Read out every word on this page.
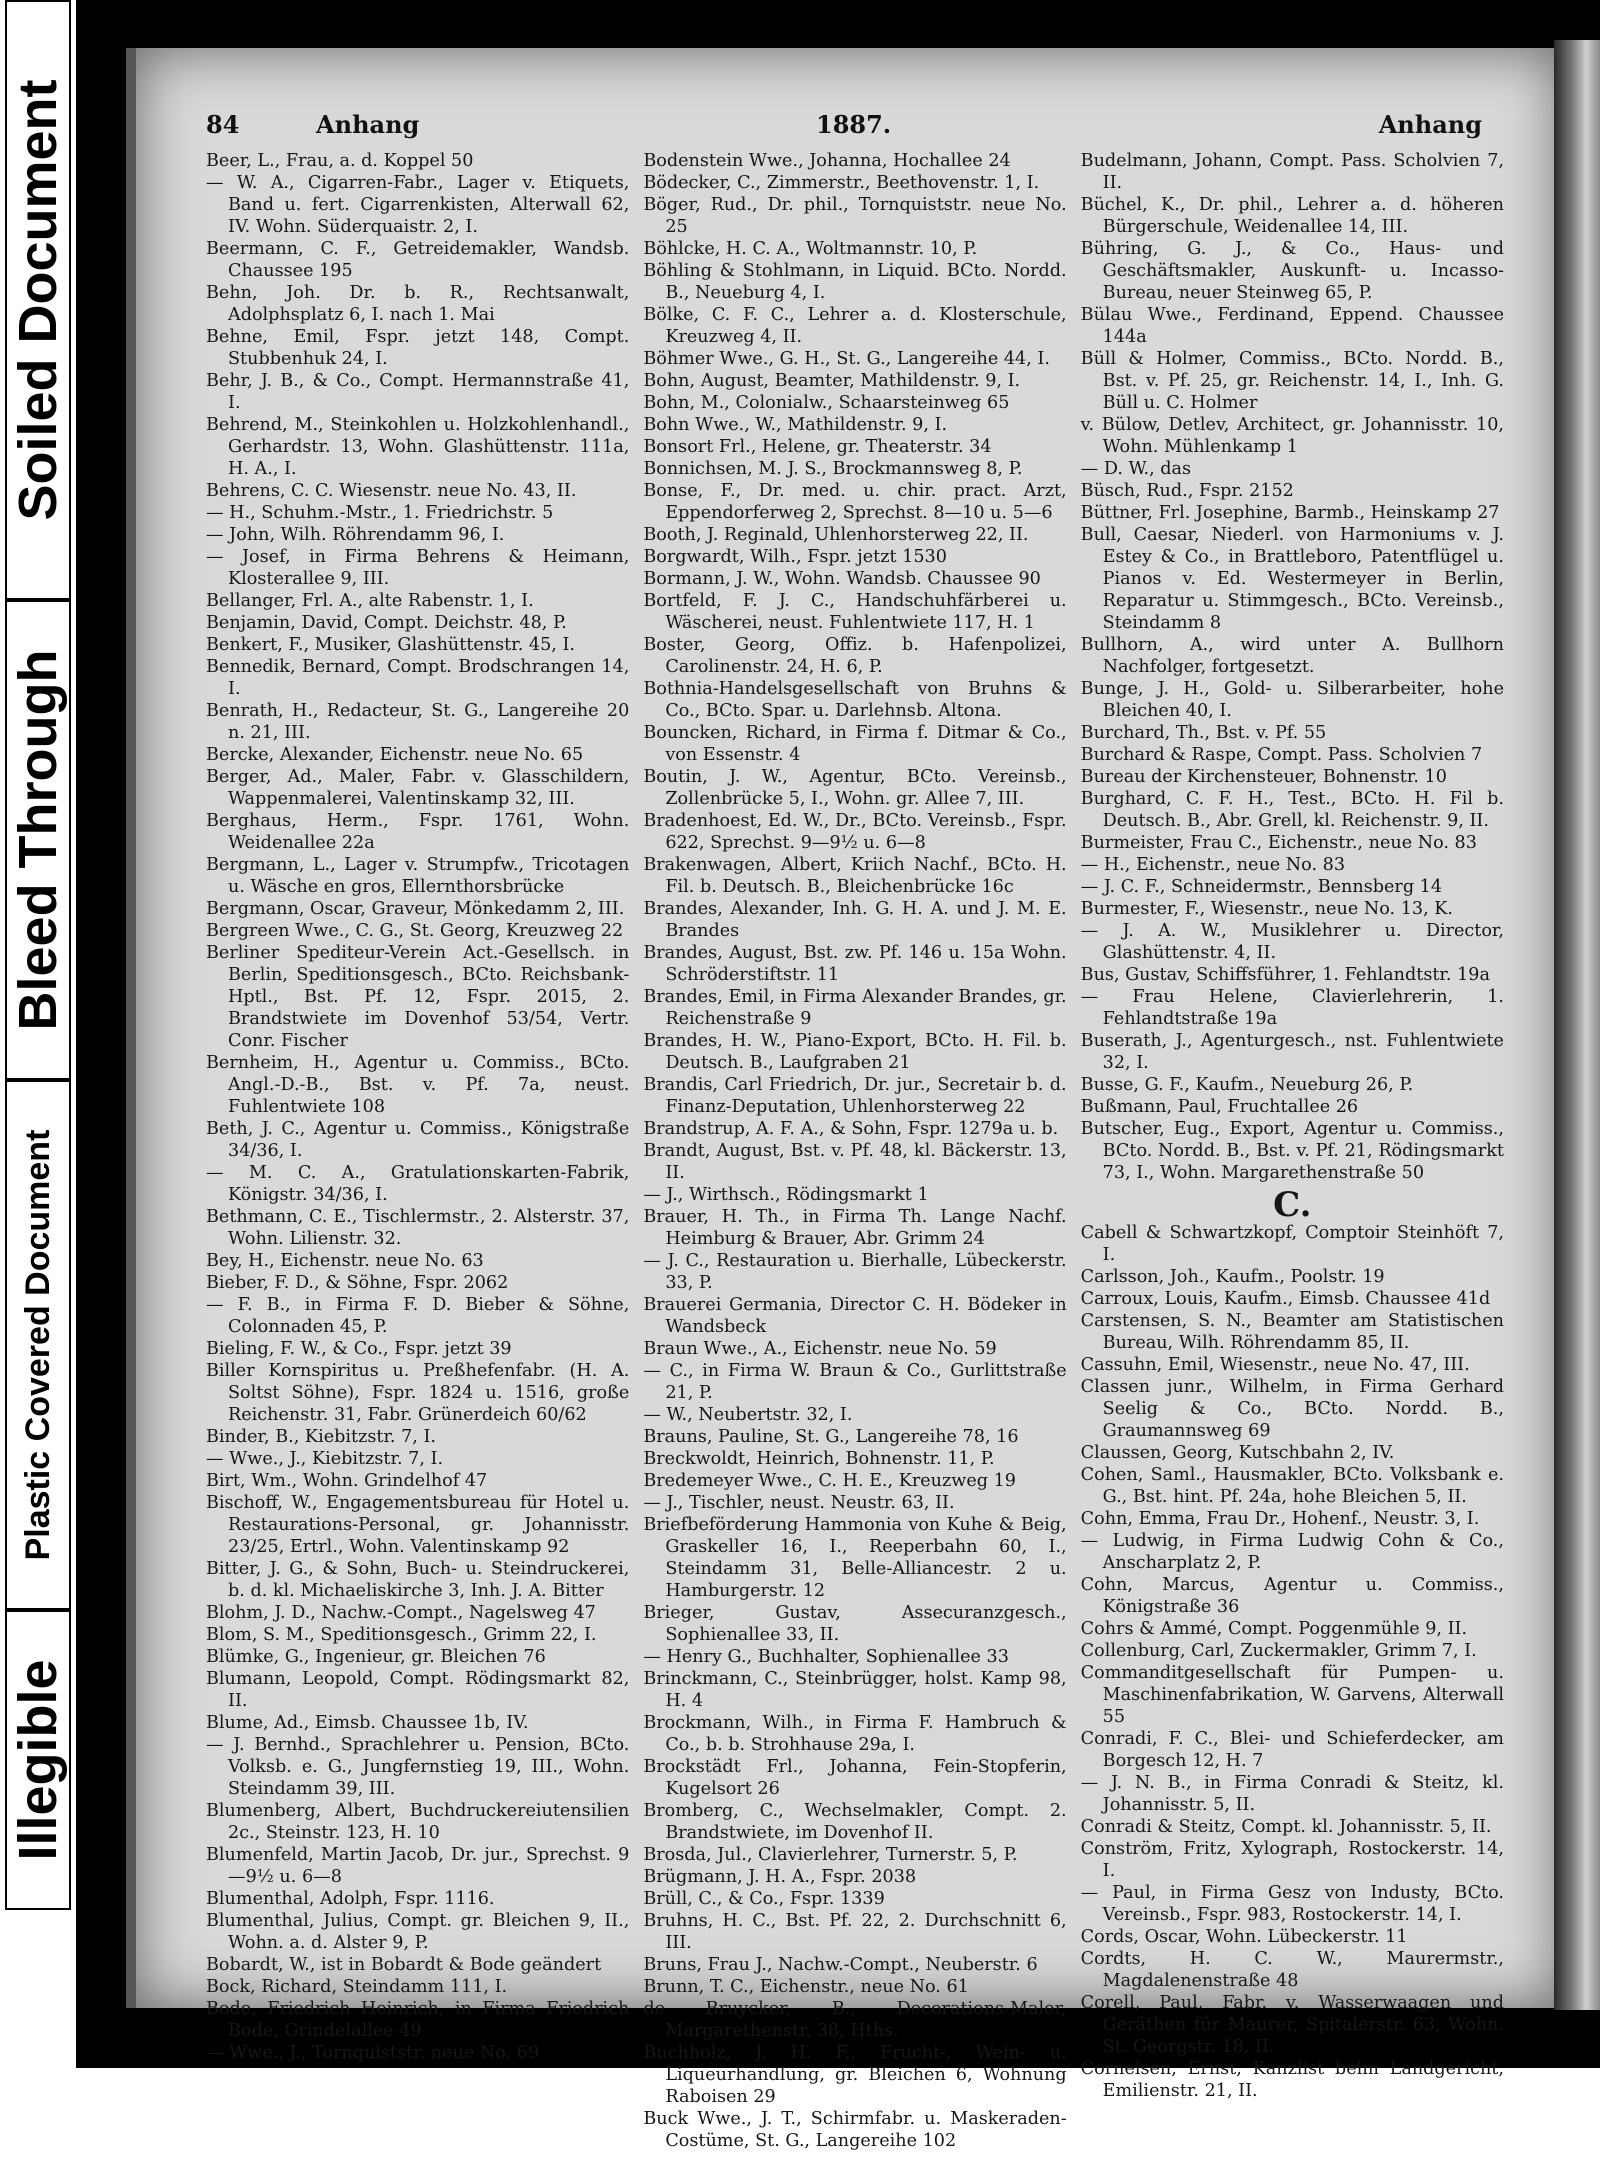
Illegible
Plastic Covered Document
Bleed Through
Soiled Document	84	Anhang	1887.	Anhang

Beer, L., Frau, a. d. Koppel 50

— W. A., Cigarren-Fabr., Lager v. Etiquets, Band u. fert. Cigarrenkisten, Alterwall 62, IV. Wohn. Süderquaistr. 2, I.

Beermann, C. F., Getreidemakler, Wandsb. Chaussee 195

Behn, Joh. Dr. b. R., Rechtsanwalt, Adolphsplatz 6, I. nach 1. Mai

Behne, Emil, Fspr. jetzt 148, Compt. Stubbenhuk 24, I.

Behr, J. B., & Co., Compt. Hermannstraße 41, I.

Behrend, M., Steinkohlen u. Holzkohlenhandl., Gerhardstr. 13, Wohn. Glashüttenstr. 111a, H. A., I.

Behrens, C. C. Wiesenstr. neue No. 43, II.

— H., Schuhm.-Mstr., 1. Friedrichstr. 5

— John, Wilh. Röhrendamm 96, I.

— Josef, in Firma Behrens & Heimann, Klosterallee 9, III.

Bellanger, Frl. A., alte Rabenstr. 1, I.

Benjamin, David, Compt. Deichstr. 48, P.

Benkert, F., Musiker, Glashüttenstr. 45, I.

Bennedik, Bernard, Compt. Brodschrangen 14, I.

Benrath, H., Redacteur, St. G., Langereihe 20 n. 21, III.

Bercke, Alexander, Eichenstr. neue No. 65

Berger, Ad., Maler, Fabr. v. Glasschildern, Wappenmalerei, Valentinskamp 32, III.

Berghaus, Herm., Fspr. 1761, Wohn. Weidenallee 22a

Bergmann, L., Lager v. Strumpfw., Tricotagen u. Wäsche en gros, Ellernthorsbrücke

Bergmann, Oscar, Graveur, Mönkedamm 2, III.

Bergreen Wwe., C. G., St. Georg, Kreuzweg 22

Berliner Spediteur-Verein Act.-Gesellsch. in Berlin, Speditionsgesch., BCto. Reichsbank-Hptl., Bst. Pf. 12, Fspr. 2015, 2. Brandstwiete im Dovenhof 53/54, Vertr. Conr. Fischer

Bernheim, H., Agentur u. Commiss., BCto. Angl.-D.-B., Bst. v. Pf. 7a, neust. Fuhlentwiete 108

Beth, J. C., Agentur u. Commiss., Königstraße 34/36, I.

— M. C. A., Gratulationskarten-Fabrik, Königstr. 34/36, I.

Bethmann, C. E., Tischlermstr., 2. Alsterstr. 37, Wohn. Lilienstr. 32.

Bey, H., Eichenstr. neue No. 63

Bieber, F. D., & Söhne, Fspr. 2062

— F. B., in Firma F. D. Bieber & Söhne, Colonnaden 45, P.

Bieling, F. W., & Co., Fspr. jetzt 39

Biller Kornspiritus u. Preßhefenfabr. (H. A. Soltst Söhne), Fspr. 1824 u. 1516, große Reichenstr. 31, Fabr. Grünerdeich 60/62

Binder, B., Kiebitzstr. 7, I.

— Wwe., J., Kiebitzstr. 7, I.

Birt, Wm., Wohn. Grindelhof 47

Bischoff, W., Engagementsbureau für Hotel u. Restaurations-Personal, gr. Johannisstr. 23/25, Ertrl., Wohn. Valentinskamp 92

Bitter, J. G., & Sohn, Buch- u. Steindruckerei, b. d. kl. Michaeliskirche 3, Inh. J. A. Bitter

Blohm, J. D., Nachw.-Compt., Nagelsweg 47

Blom, S. M., Speditionsgesch., Grimm 22, I.

Blümke, G., Ingenieur, gr. Bleichen 76

Blumann, Leopold, Compt. Rödingsmarkt 82, II.

Blume, Ad., Eimsb. Chaussee 1b, IV.

— J. Bernhd., Sprachlehrer u. Pension, BCto. Volksb. e. G., Jungfernstieg 19, III., Wohn. Steindamm 39, III.

Blumenberg, Albert, Buchdruckereiutensilien 2c., Steinstr. 123, H. 10

Blumenfeld, Martin Jacob, Dr. jur., Sprechst. 9—9½ u. 6—8

Blumenthal, Adolph, Fspr. 1116.

Blumenthal, Julius, Compt. gr. Bleichen 9, II., Wohn. a. d. Alster 9, P.

Bobardt, W., ist in Bobardt & Bode geändert

Bock, Richard, Steindamm 111, I.

Bode, Friedrich Heinrich, in Firma Friedrich Bode, Grindelallee 49

— Wwe., J., Tornquiststr. neue No. 69

Bodenstein Wwe., Johanna, Hochallee 24

Bödecker, C., Zimmerstr., Beethovenstr. 1, I.

Böger, Rud., Dr. phil., Tornquiststr. neue No. 25

Böhlcke, H. C. A., Woltmannstr. 10, P.

Böhling & Stohlmann, in Liquid. BCto. Nordd. B., Neueburg 4, I.

Bölke, C. F. C., Lehrer a. d. Klosterschule, Kreuzweg 4, II.

Böhmer Wwe., G. H., St. G., Langereihe 44, I.

Bohn, August, Beamter, Mathildenstr. 9, I.

Bohn, M., Colonialw., Schaarsteinweg 65

Bohn Wwe., W., Mathildenstr. 9, I.

Bonsort Frl., Helene, gr. Theaterstr. 34

Bonnichsen, M. J. S., Brockmannsweg 8, P.

Bonse, F., Dr. med. u. chir. pract. Arzt, Eppendorferweg 2, Sprechst. 8—10 u. 5—6

Booth, J. Reginald, Uhlenhorsterweg 22, II.

Borgwardt, Wilh., Fspr. jetzt 1530

Bormann, J. W., Wohn. Wandsb. Chaussee 90

Bortfeld, F. J. C., Handschuhfärberei u. Wäscherei, neust. Fuhlentwiete 117, H. 1

Boster, Georg, Offiz. b. Hafenpolizei, Carolinenstr. 24, H. 6, P.

Bothnia-Handelsgesellschaft von Bruhns & Co., BCto. Spar. u. Darlehnsb. Altona.

Bouncken, Richard, in Firma f. Ditmar & Co., von Essenstr. 4

Boutin, J. W., Agentur, BCto. Vereinsb., Zollenbrücke 5, I., Wohn. gr. Allee 7, III.

Bradenhoest, Ed. W., Dr., BCto. Vereinsb., Fspr. 622, Sprechst. 9—9½ u. 6—8

Brakenwagen, Albert, Kriich Nachf., BCto. H. Fil. b. Deutsch. B., Bleichenbrücke 16c

Brandes, Alexander, Inh. G. H. A. und J. M. E. Brandes

Brandes, August, Bst. zw. Pf. 146 u. 15a Wohn. Schröderstiftstr. 11

Brandes, Emil, in Firma Alexander Brandes, gr. Reichenstraße 9

Brandes, H. W., Piano-Export, BCto. H. Fil. b. Deutsch. B., Laufgraben 21

Brandis, Carl Friedrich, Dr. jur., Secretair b. d. Finanz-Deputation, Uhlenhorsterweg 22

Brandstrup, A. F. A., & Sohn, Fspr. 1279a u. b.

Brandt, August, Bst. v. Pf. 48, kl. Bäckerstr. 13, II.

— J., Wirthsch., Rödingsmarkt 1

Brauer, H. Th., in Firma Th. Lange Nachf. Heimburg & Brauer, Abr. Grimm 24

— J. C., Restauration u. Bierhalle, Lübeckerstr. 33, P.

Brauerei Germania, Director C. H. Bödeker in Wandsbeck

Braun Wwe., A., Eichenstr. neue No. 59

— C., in Firma W. Braun & Co., Gurlittstraße 21, P.

— W., Neubertstr. 32, I.

Brauns, Pauline, St. G., Langereihe 78, 16

Breckwoldt, Heinrich, Bohnenstr. 11, P.

Bredemeyer Wwe., C. H. E., Kreuzweg 19

— J., Tischler, neust. Neustr. 63, II.

Briefbeförderung Hammonia von Kuhe & Beig, Graskeller 16, I., Reeperbahn 60, I., Steindamm 31, Belle-Alliancestr. 2 u. Hamburgerstr. 12

Brieger, Gustav, Assecuranzgesch., Sophienallee 33, II.

— Henry G., Buchhalter, Sophienallee 33

Brinckmann, C., Steinbrügger, holst. Kamp 98, H. 4

Brockmann, Wilh., in Firma F. Hambruch & Co., b. b. Strohhause 29a, I.

Brockstädt Frl., Johanna, Fein-Stopferin, Kugelsort 26

Bromberg, C., Wechselmakler, Compt. 2. Brandstwiete, im Dovenhof II.

Brosda, Jul., Clavierlehrer, Turnerstr. 5, P.

Brügmann, J. H. A., Fspr. 2038

Brüll, C., & Co., Fspr. 1339

Bruhns, H. C., Bst. Pf. 22, 2. Durchschnitt 6, III.

Bruns, Frau J., Nachw.-Compt., Neuberstr. 6

Brunn, T. C., Eichenstr., neue No. 61

de Bruycker, B., Decorations-Maler, Margarethenstr. 38, Hths.

Buchholz, J. H. F., Frucht-, Wein- u. Liqueurhandlung, gr. Bleichen 6, Wohnung Raboisen 29

Buck Wwe., J. T., Schirmfabr. u. Maskeraden-Costüme, St. G., Langereihe 102

Budelmann, Johann, Compt. Pass. Scholvien 7, II.

Büchel, K., Dr. phil., Lehrer a. d. höheren Bürgerschule, Weidenallee 14, III.

Bühring, G. J., & Co., Haus- und Geschäftsmakler, Auskunft- u. Incasso-Bureau, neuer Steinweg 65, P.

Bülau Wwe., Ferdinand, Eppend. Chaussee 144a

Büll & Holmer, Commiss., BCto. Nordd. B., Bst. v. Pf. 25, gr. Reichenstr. 14, I., Inh. G. Büll u. C. Holmer

v. Bülow, Detlev, Architect, gr. Johannisstr. 10, Wohn. Mühlenkamp 1

— D. W., das

Büsch, Rud., Fspr. 2152

Büttner, Frl. Josephine, Barmb., Heinskamp 27

Bull, Caesar, Niederl. von Harmoniums v. J. Estey & Co., in Brattleboro, Patentflügel u. Pianos v. Ed. Westermeyer in Berlin, Reparatur u. Stimmgesch., BCto. Vereinsb., Steindamm 8

Bullhorn, A., wird unter A. Bullhorn Nachfolger, fortgesetzt.

Bunge, J. H., Gold- u. Silberarbeiter, hohe Bleichen 40, I.

Burchard, Th., Bst. v. Pf. 55

Burchard & Raspe, Compt. Pass. Scholvien 7

Bureau der Kirchensteuer, Bohnenstr. 10

Burghard, C. F. H., Test., BCto. H. Fil b. Deutsch. B., Abr. Grell, kl. Reichenstr. 9, II.

Burmeister, Frau C., Eichenstr., neue No. 83

— H., Eichenstr., neue No. 83

— J. C. F., Schneidermstr., Bennsberg 14

Burmester, F., Wiesenstr., neue No. 13, K.

— J. A. W., Musiklehrer u. Director, Glashüttenstr. 4, II.

Bus, Gustav, Schiffsführer, 1. Fehlandtstr. 19a

— Frau Helene, Clavierlehrerin, 1. Fehlandtstraße 19a

Buserath, J., Agenturgesch., nst. Fuhlentwiete 32, I.

Busse, G. F., Kaufm., Neueburg 26, P.

Bußmann, Paul, Fruchtallee 26

Butscher, Eug., Export, Agentur u. Commiss., BCto. Nordd. B., Bst. v. Pf. 21, Rödingsmarkt 73, I., Wohn. Margarethenstraße 50

C.

Cabell & Schwartzkopf, Comptoir Steinhöft 7, I.

Carlsson, Joh., Kaufm., Poolstr. 19

Carroux, Louis, Kaufm., Eimsb. Chaussee 41d

Carstensen, S. N., Beamter am Statistischen Bureau, Wilh. Röhrendamm 85, II.

Cassuhn, Emil, Wiesenstr., neue No. 47, III.

Classen junr., Wilhelm, in Firma Gerhard Seelig & Co., BCto. Nordd. B., Graumannsweg 69

Claussen, Georg, Kutschbahn 2, IV.

Cohen, Saml., Hausmakler, BCto. Volksbank e. G., Bst. hint. Pf. 24a, hohe Bleichen 5, II.

Cohn, Emma, Frau Dr., Hohenf., Neustr. 3, I.

— Ludwig, in Firma Ludwig Cohn & Co., Anscharplatz 2, P.

Cohn, Marcus, Agentur u. Commiss., Königstraße 36

Cohrs & Ammé, Compt. Poggenmühle 9, II.

Collenburg, Carl, Zuckermakler, Grimm 7, I.

Commanditgesellschaft für Pumpen- u. Maschinenfabrikation, W. Garvens, Alterwall 55

Conradi, F. C., Blei- und Schieferdecker, am Borgesch 12, H. 7

— J. N. B., in Firma Conradi & Steitz, kl. Johannisstr. 5, II.

Conradi & Steitz, Compt. kl. Johannisstr. 5, II.

Conström, Fritz, Xylograph, Rostockerstr. 14, I.

— Paul, in Firma Gesz von Industy, BCto. Vereinsb., Fspr. 983, Rostockerstr. 14, I.

Cords, Oscar, Wohn. Lübeckerstr. 11

Cordts, H. C. W., Maurermstr., Magdalenenstraße 48

Corell, Paul, Fabr. v. Wasserwaagen und Geräthen für Maurer, Spitalerstr. 63, Wohn. St. Georgstr. 18, II.

Cornelsen, Ernst, Kanzlist beim Landgericht, Emilienstr. 21, II.
